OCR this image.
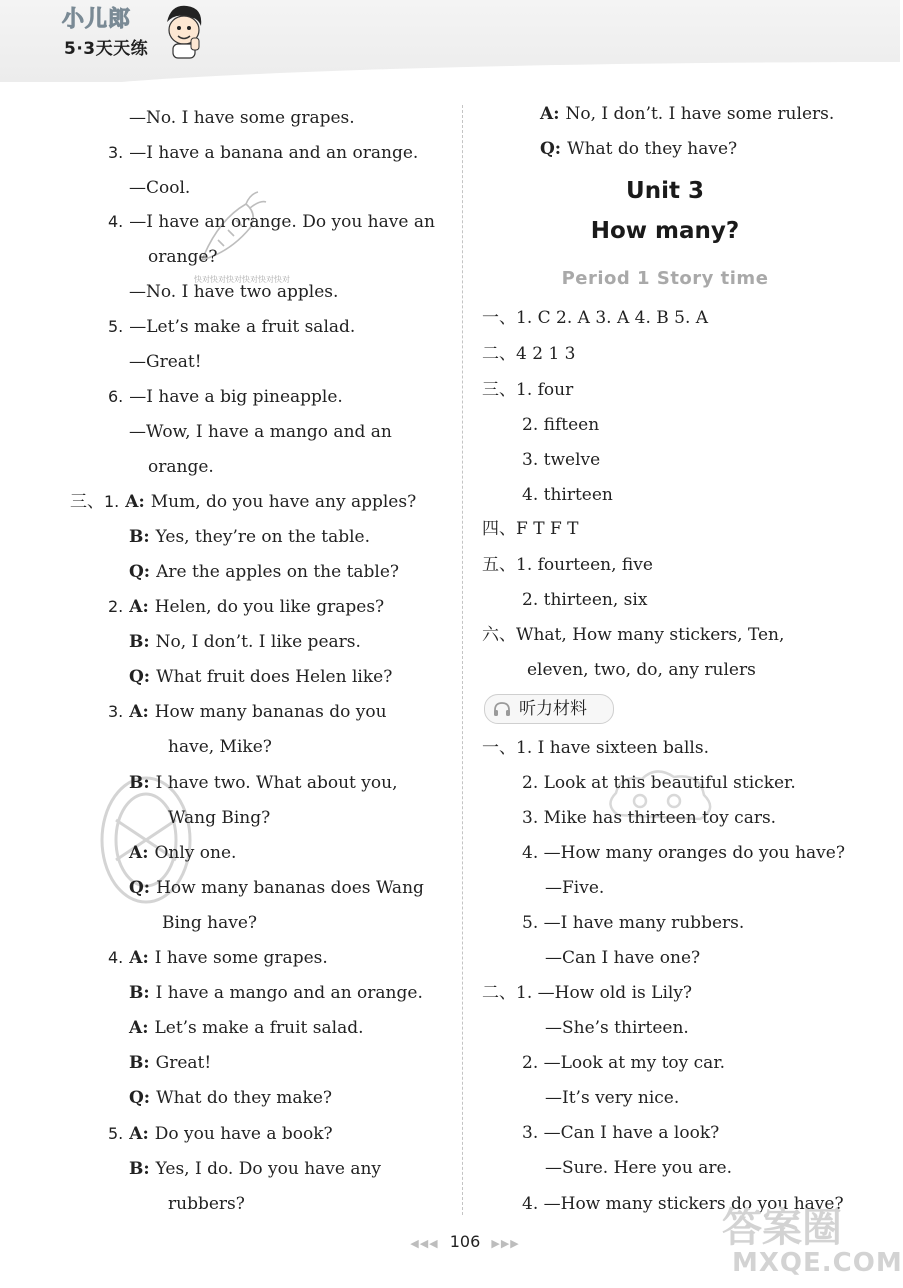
小儿郎
5·3天天练
快对快对快对快对快对快对
—No. I have some grapes.
3. —I have a banana and an orange.
—Cool.
4. —I have an orange. Do you have an
orange?
—No. I have two apples.
5. —Let’s make a fruit salad.
—Great!
6. —I have a big pineapple.
—Wow, I have a mango and an
orange.
三、1. A: Mum, do you have any apples?
B: Yes, they’re on the table.
Q: Are the apples on the table?
2. A: Helen, do you like grapes?
B: No, I don’t. I like pears.
Q: What fruit does Helen like?
3. A: How many bananas do you
have, Mike?
B: I have two. What about you,
Wang Bing?
A: Only one.
Q: How many bananas does Wang
Bing have?
4. A: I have some grapes.
B: I have a mango and an orange.
A: Let’s make a fruit salad.
B: Great!
Q: What do they make?
5. A: Do you have a book?
B: Yes, I do. Do you have any
rubbers?
A: No, I don’t. I have some rulers.
Q: What do they have?
Unit 3
How many?
Period 1 Story time
一、1. C 2. A 3. A 4. B 5. A
二、4 2 1 3
三、1. four
2. fifteen
3. twelve
4. thirteen
四、F T F T
五、1. fourteen, five
2. thirteen, six
六、What, How many stickers, Ten,
eleven, two, do, any rulers
听力材料
一、1. I have sixteen balls.
2. Look at this beautiful sticker.
3. Mike has thirteen toy cars.
4. —How many oranges do you have?
—Five.
5. —I have many rubbers.
—Can I have one?
二、1. —How old is Lily?
—She’s thirteen.
2. —Look at my toy car.
—It’s very nice.
3. —Can I have a look?
—Sure. Here you are.
4. —How many stickers do you have?
◀◀◀ 106 ▶▶▶	答案圈
MXQE.COM
